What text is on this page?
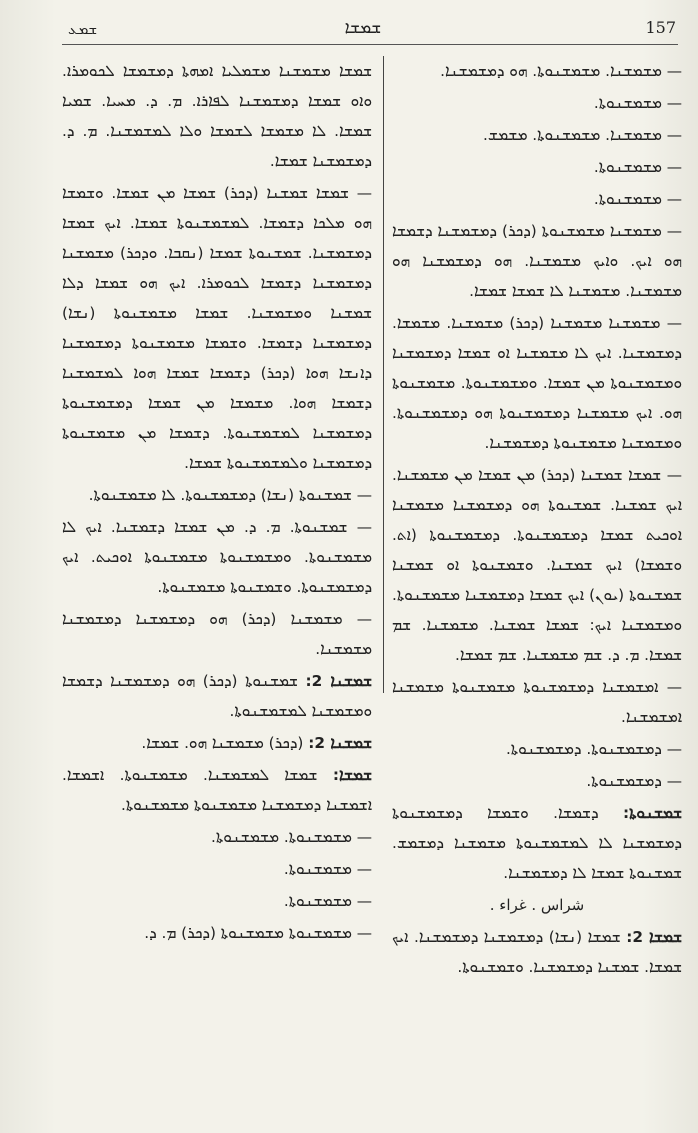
ܫܡܥ	ܫܡܫܐ	157

ܫܡܫܐ ܡܫܡܫܢܐ ܡܫܡܠܝܐ ܐܡܗܬܐ ܕܡܫܡܫܐ ܠܟܘܡܪܐ. ܘܐܘ ܫܡܫܐ ܕܡܫܡܫܢܐ ܠܦܐܪܐ. ܡ. ܕ. ܡܚܝܐ. ܫܡܝܐ ܫܡܫܐ. ܠܐ ܡܫܡܫܐ ܠܫܡܫܐ ܘܠܐ ܠܡܫܡܫܢܐ. ܡ. ܕ. ܕܡܫܡܫܢܐ ܫܡܫܐ.

— ܫܡܫܐ ܫܡܫܢܐ (ܕܟܪ) ܫܡܫܐ ܡܢ ܫܡܫܐ. ܘܫܡܫܐ ܗܘ ܡܠܟܐ ܕܫܡܫܐ. ܠܡܫܡܫܢܘܬܐ ܫܡܫܐ. ܐܝܟ ܫܡܫܐ ܕܡܫܡܫܢܐ. ܫܡܫܢܘܬܐ ܫܡܫܐ (ܢܩܒܐ. ܘܕܟܪ) ܡܫܡܫܢܐ ܕܡܫܡܫܢܐ ܕܫܡܫܐ ܠܟܘܡܪܐ. ܐܝܟ ܗܘ ܫܡܫܐ ܕܠܐ ܫܡܫܢܐ ܘܡܫܡܫܢܐ. ܫܡܫܐ ܡܫܡܫܢܘܬܐ (ܢܫܐ) ܕܡܫܡܫܢܐ ܕܫܡܫܐ. ܘܫܡܫܐ ܡܫܡܫܢܘܬܐ ܕܡܫܡܫܢܐ ܕܐܢܫܐ ܗܘܐ (ܕܟܪ) ܕܫܡܫܐ ܫܡܫܐ ܗܘܐ ܠܡܫܡܫܢܐ ܕܫܡܫܐ ܗܘܐ. ܡܫܡܫܐ ܡܢ ܫܡܫܐ ܕܡܫܡܫܢܘܬܐ ܕܡܫܡܫܢܐ ܠܡܫܡܫܢܘܬܐ. ܕܫܡܫܐ ܡܢ ܡܫܡܫܢܘܬܐ ܕܡܫܡܫܢܐ ܘܠܡܫܡܫܢܘܬܐ ܫܡܫܐ.

— ܫܡܫܢܘܬܐ (ܢܫܐ) ܕܡܫܡܫܢܘܬܐ. ܠܐ ܡܫܡܫܢܘܬܐ.

— ܫܡܫܢܘܬܐ. ܡ. ܕ. ܡܢ ܫܡܫܐ ܕܫܡܫܢܐ. ܐܝܟ ܠܐ ܡܫܡܫܢܘܬܐ. ܘܡܫܡܫܢܘܬܐ ܡܫܡܫܢܘܬܐ ܐܘܟܝܬ. ܐܝܟ ܕܡܫܡܫܢܘܬܐ. ܘܫܡܫܢܘܬܐ ܡܫܡܫܢܘܬܐ.

— ܡܫܡܫܢܐ (ܕܟܪ) ܗܘ ܕܡܫܡܫܢܐ ܕܡܫܡܫܢܐ ܡܫܡܫܢܐ.

ܫܡܫܢܐ 2: ܫܡܫܢܘܬܐ (ܕܟܪ) ܗܘ ܕܡܫܡܫܢܐ ܕܫܡܫܐ ܘܡܫܡܫܢܐ ܠܡܫܡܫܢܘܬܐ.

ܫܡܫܢܐ 2: (ܕܟܪ) ܡܫܡܫܢܐ ܗܘ. ܫܡܫܐ.

ܫܡܫܐ: ܫܡܫܐ ܠܡܫܡܫܢܐ. ܡܫܡܫܢܘܬܐ. ܐܫܡܫܐ. ܐܫܡܫܢܐ ܕܡܫܡܫܢܐ ܡܫܡܫܢܘܬܐ ܡܫܡܫܢܘܬܐ.

— ܡܫܡܫܢܘܬܐ. ܡܫܡܫܢܘܬܐ.

— ܡܫܡܫܢܘܬܐ.

— ܡܫܡܫܢܘܬܐ.

— ܡܫܡܫܢܘܬܐ ܡܫܡܫܢܘܬܐ (ܕܟܪ) ܡ. ܕ.

— ܡܫܡܫܢܐ. ܡܫܡܫܢܘܬܐ. ܗܘ ܕܡܫܡܫܢܐ.

— ܡܫܡܫܢܘܬܐ.

— ܡܫܡܫܢܐ. ܡܫܡܫܢܘܬܐ. ܡܫܡܫ.

— ܡܫܡܫܢܘܬܐ.

— ܡܫܡܫܢܘܬܐ.

— ܡܫܡܫܢܐ ܡܫܡܫܢܘܬܐ (ܕܟܪ) ܕܡܫܡܫܢܐ ܕܫܡܫܐ ܗܘ ܐܝܟ. ܘܐܝܟ ܡܫܡܫܢܐ. ܗܘ ܕܡܫܡܫܢܐ ܗܘ ܡܫܡܫܢܐ. ܡܫܡܫܢܐ ܠܐ ܫܡܫܐ ܫܡܫܐ.

— ܡܫܡܫܢܐ ܡܫܡܫܢܐ (ܕܟܪ) ܡܫܡܫܢܐ. ܡܫܡܫܐ. ܕܡܫܡܫܢܐ. ܐܝܟ ܠܐ ܡܫܡܫܢܐ ܐܘ ܫܡܫܐ ܕܡܫܡܫܢܐ ܘܡܫܡܫܢܘܬܐ ܡܢ ܫܡܫܐ. ܘܡܫܡܫܢܘܬܐ. ܡܫܡܫܢܘܬܐ ܗܘ. ܐܝܟ ܡܫܡܫܢܐ ܕܡܫܡܫܢܘܬܐ ܗܘ ܕܡܫܡܫܢܘܬܐ. ܘܡܫܡܫܢܐ ܡܫܡܫܢܘܬܐ ܕܡܫܡܫܢܐ.

— ܫܡܫܐ ܫܡܫܢܐ (ܕܟܪ) ܡܢ ܫܡܫܐ ܡܢ ܡܫܡܫܢܐ. ܐܝܟ ܫܡܫܢܐ. ܫܡܫܢܘܬܐ ܗܘ ܕܡܫܡܫܢܐ ܡܫܡܫܢܐ ܐܘܟܝܬ ܫܡܫܐ ܕܡܫܡܫܢܘܬܐ. ܕܡܫܡܫܢܘܬܐ (ܐܬ. ܘܫܡܫܐ) ܐܝܟ ܫܡܫܢܐ. ܘܫܡܫܢܘܬܐ ܐܘ ܫܡܫܢܐ ܫܡܫܢܘܬܐ (ܝܘܢ) ܐܝܟ ܫܡܫܐ ܕܡܫܡܫܢܐ ܡܫܡܫܢܘܬܐ. ܘܡܫܡܫܢܐ ܐܝܟ: ܫܡܫܐ ܫܡܫܢܐ. ܡܫܡܫܢܐ. ܫܡ ܫܡܫܐ. ܡ. ܕ. ܫܡ ܡܫܡܫܢܐ. ܫܡ ܫܡܫܐ.

— ܐܡܫܡܫܢܐ ܕܡܫܡܫܢܘܬܐ ܡܫܡܫܢܘܬܐ ܡܫܡܫܢܐ ܐܡܫܡܫܢܐ.

— ܕܡܫܡܫܢܘܬܐ. ܕܡܫܡܫܢܘܬܐ.

— ܕܡܫܡܫܢܘܬܐ.

ܫܡܫܢܘܬܐ: ܕܫܡܫܐ. ܘܫܡܫܐ ܕܡܫܡܫܢܘܬܐ ܕܡܫܡܫܢܐ ܠܐ ܠܡܫܡܫܢܘܬܐ ܡܫܡܫܢܐ ܕܡܫܡܫ. ܫܡܫܢܘܬܐ ܫܡܫܐ ܠܐ ܕܡܫܡܫܢܐ.

شراس . غراء .

ܫܡܫܐ 2: ܫܡܫܐ (ܢܫܐ) ܕܡܫܡܫܢܐ ܕܡܫܡܫܢܐ. ܐܝܟ ܫܡܫܐ. ܫܡܫܢܐ ܕܡܫܡܫܢܐ. ܘܫܡܫܢܘܬܐ.
